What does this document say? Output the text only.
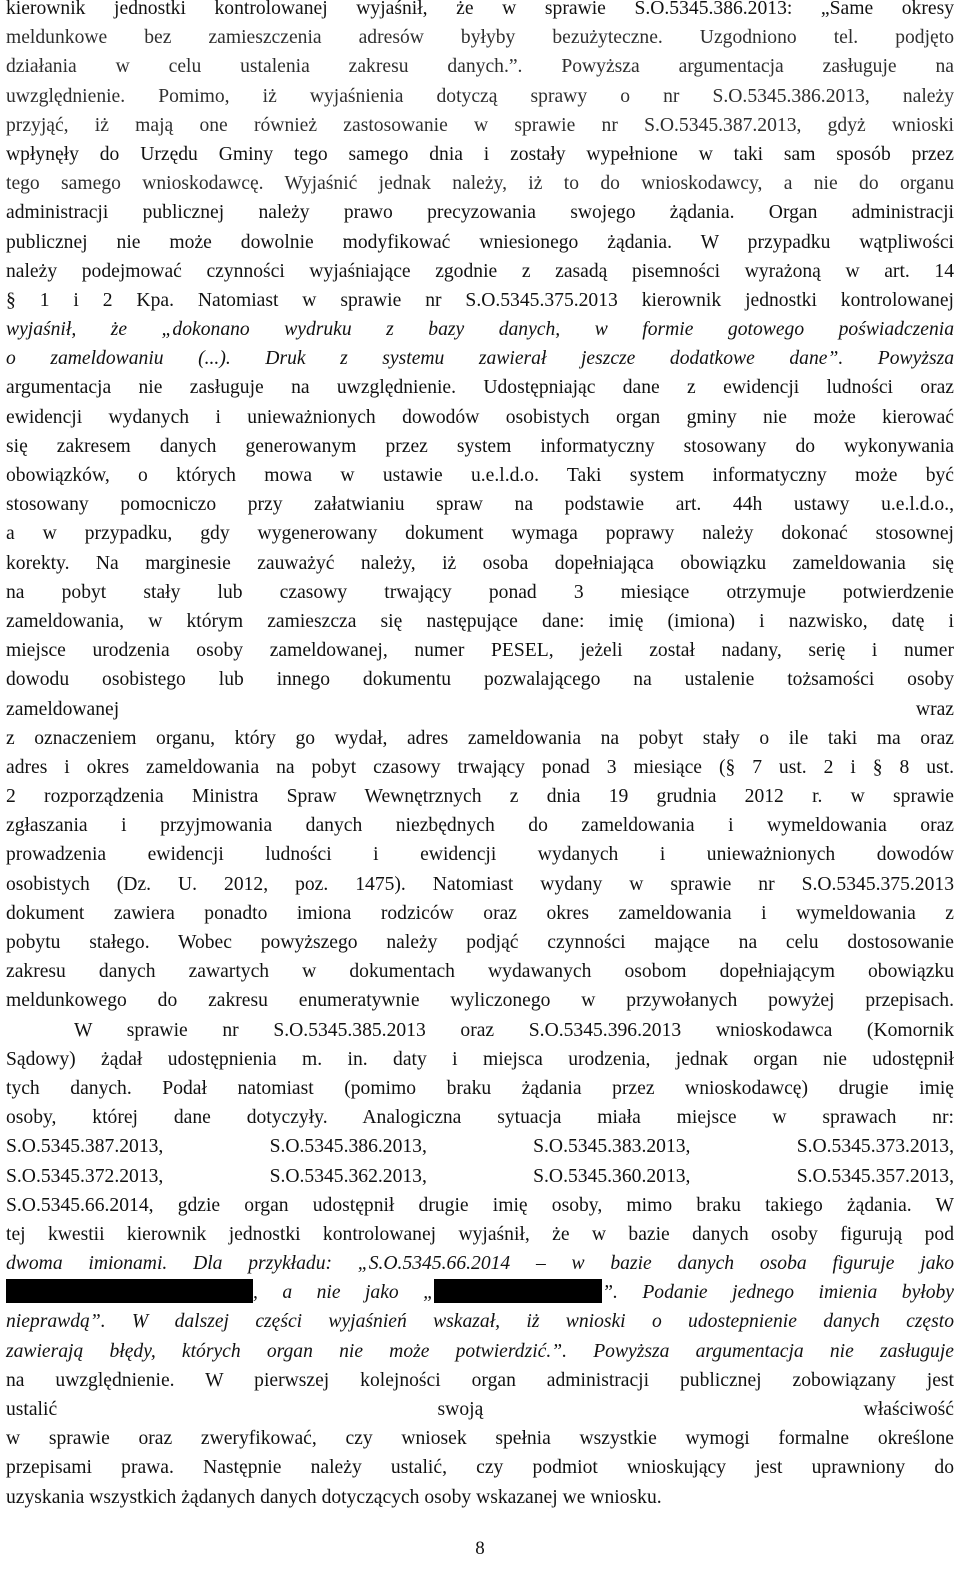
kierownik jednostki kontrolowanej wyjaśnił, że w sprawie S.O.5345.386.2013: „Same okresy
meldunkowe bez zamieszczenia adresów byłyby bezużyteczne. Uzgodniono tel. podjęto
działania w celu ustalenia zakresu danych.”. Powyższa argumentacja zasługuje na
uwzględnienie. Pomimo, iż wyjaśnienia dotyczą sprawy o nr S.O.5345.386.2013, należy
przyjąć, iż mają one również zastosowanie w sprawie nr S.O.5345.387.2013, gdyż wnioski
wpłynęły do Urzędu Gminy tego samego dnia i zostały wypełnione w taki sam sposób przez
tego samego wnioskodawcę. Wyjaśnić jednak należy, iż to do wnioskodawcy, a nie do organu
administracji publicznej należy prawo precyzowania swojego żądania. Organ administracji
publicznej nie może dowolnie modyfikować wniesionego żądania. W przypadku wątpliwości
należy podejmować czynności wyjaśniające zgodnie z zasadą pisemności wyrażoną w art. 14
§ 1 i 2 Kpa. Natomiast w sprawie nr S.O.5345.375.2013 kierownik jednostki kontrolowanej
wyjaśnił, że „dokonano wydruku z bazy danych, w formie gotowego poświadczenia
o zameldowaniu (...). Druk z systemu zawierał jeszcze dodatkowe dane”. Powyższa
argumentacja nie zasługuje na uwzględnienie. Udostępniając dane z ewidencji ludności oraz
ewidencji wydanych i unieważnionych dowodów osobistych organ gminy nie może kierować
się zakresem danych generowanym przez system informatyczny stosowany do wykonywania
obowiązków, o których mowa w ustawie u.e.l.d.o. Taki system informatyczny może być
stosowany pomocniczo przy załatwianiu spraw na podstawie art. 44h ustawy u.e.l.d.o.,
a w przypadku, gdy wygenerowany dokument wymaga poprawy należy dokonać stosownej
korekty. Na marginesie zauważyć należy, iż osoba dopełniająca obowiązku zameldowania się
na pobyt stały lub czasowy trwający ponad 3 miesiące otrzymuje potwierdzenie
zameldowania, w którym zamieszcza się następujące dane: imię (imiona) i nazwisko, datę i
miejsce urodzenia osoby zameldowanej, numer PESEL, jeżeli został nadany, serię i numer
dowodu osobistego lub innego dokumentu pozwalającego na ustalenie tożsamości osoby
zameldowanej wraz
z oznaczeniem organu, który go wydał, adres zameldowania na pobyt stały o ile taki ma oraz
adres i okres zameldowania na pobyt czasowy trwający ponad 3 miesiące (§ 7 ust. 2 i § 8 ust.
2 rozporządzenia Ministra Spraw Wewnętrznych z dnia 19 grudnia 2012 r. w sprawie
zgłaszania i przyjmowania danych niezbędnych do zameldowania i wymeldowania oraz
prowadzenia ewidencji ludności i ewidencji wydanych i unieważnionych dowodów
osobistych (Dz. U. 2012, poz. 1475). Natomiast wydany w sprawie nr S.O.5345.375.2013
dokument zawiera ponadto imiona rodziców oraz okres zameldowania i wymeldowania z
pobytu stałego. Wobec powyższego należy podjąć czynności mające na celu dostosowanie
zakresu danych zawartych w dokumentach wydawanych osobom dopełniającym obowiązku
meldunkowego do zakresu enumeratywnie wyliczonego w przywołanych powyżej przepisach.
W sprawie nr S.O.5345.385.2013 oraz S.O.5345.396.2013 wnioskodawca (Komornik
Sądowy) żądał udostępnienia m. in. daty i miejsca urodzenia, jednak organ nie udostępnił
tych danych. Podał natomiast (pomimo braku żądania przez wnioskodawcę) drugie imię
osoby, której dane dotyczyły. Analogiczna sytuacja miała miejsce w sprawach nr:
S.O.5345.387.2013, S.O.5345.386.2013, S.O.5345.383.2013, S.O.5345.373.2013,
S.O.5345.372.2013, S.O.5345.362.2013, S.O.5345.360.2013, S.O.5345.357.2013,
S.O.5345.66.2014, gdzie organ udostępnił drugie imię osoby, mimo braku takiego żądania. W
tej kwestii kierownik jednostki kontrolowanej wyjaśnił, że w bazie danych osoby figurują pod
dwoma imionami. Dla przykładu: „S.O.5345.66.2014 – w bazie danych osoba figuruje jako
, a nie jako „	”. Podanie jednego imienia byłoby
nieprawdą”. W dalszej części wyjaśnień wskazał, iż wnioski o udostepnienie danych często
zawierają błędy, których organ nie może potwierdzić.”. Powyższa argumentacja nie zasługuje
na uwzględnienie. W pierwszej kolejności organ administracji publicznej zobowiązany jest
ustalić swoją właściwość
w sprawie oraz zweryfikować, czy wniosek spełnia wszystkie wymogi formalne określone
przepisami prawa. Następnie należy ustalić, czy podmiot wnioskujący jest uprawniony do
uzyskania wszystkich żądanych danych dotyczących osoby wskazanej we wniosku.
8
